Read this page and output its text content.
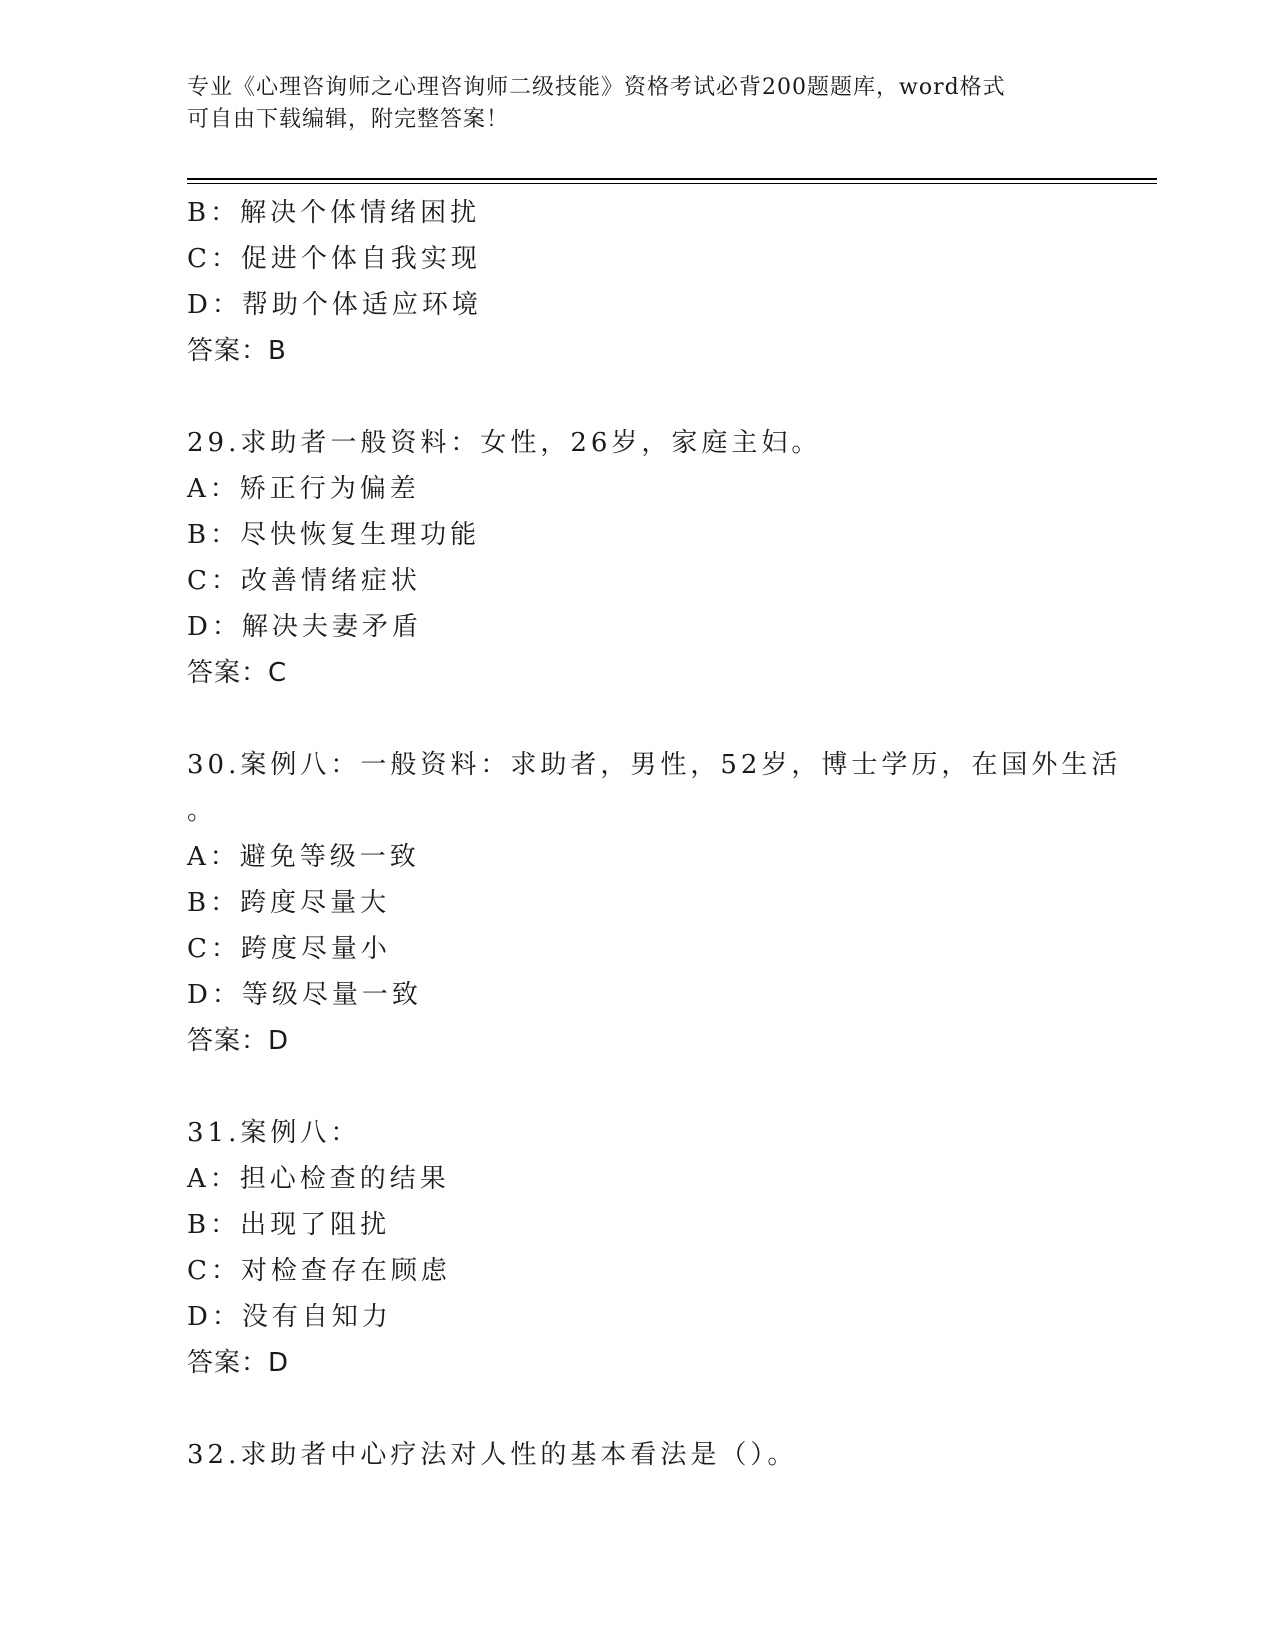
专业《心理咨询师之心理咨询师二级技能》资格考试必背200题题库，word格式
可自由下载编辑，附完整答案！
B：解决个体情绪困扰
C：促进个体自我实现
D：帮助个体适应环境
答案：B
29.求助者一般资料：女性，26岁，家庭主妇。
A：矫正行为偏差
B：尽快恢复生理功能
C：改善情绪症状
D：解决夫妻矛盾
答案：C
30.案例八：一般资料：求助者，男性，52岁，博士学历，在国外生活
。
A：避免等级一致
B：跨度尽量大
C：跨度尽量小
D：等级尽量一致
答案：D
31.案例八：
A：担心检查的结果
B：出现了阻扰
C：对检查存在顾虑
D：没有自知力
答案：D
32.求助者中心疗法对人性的基本看法是（）。
